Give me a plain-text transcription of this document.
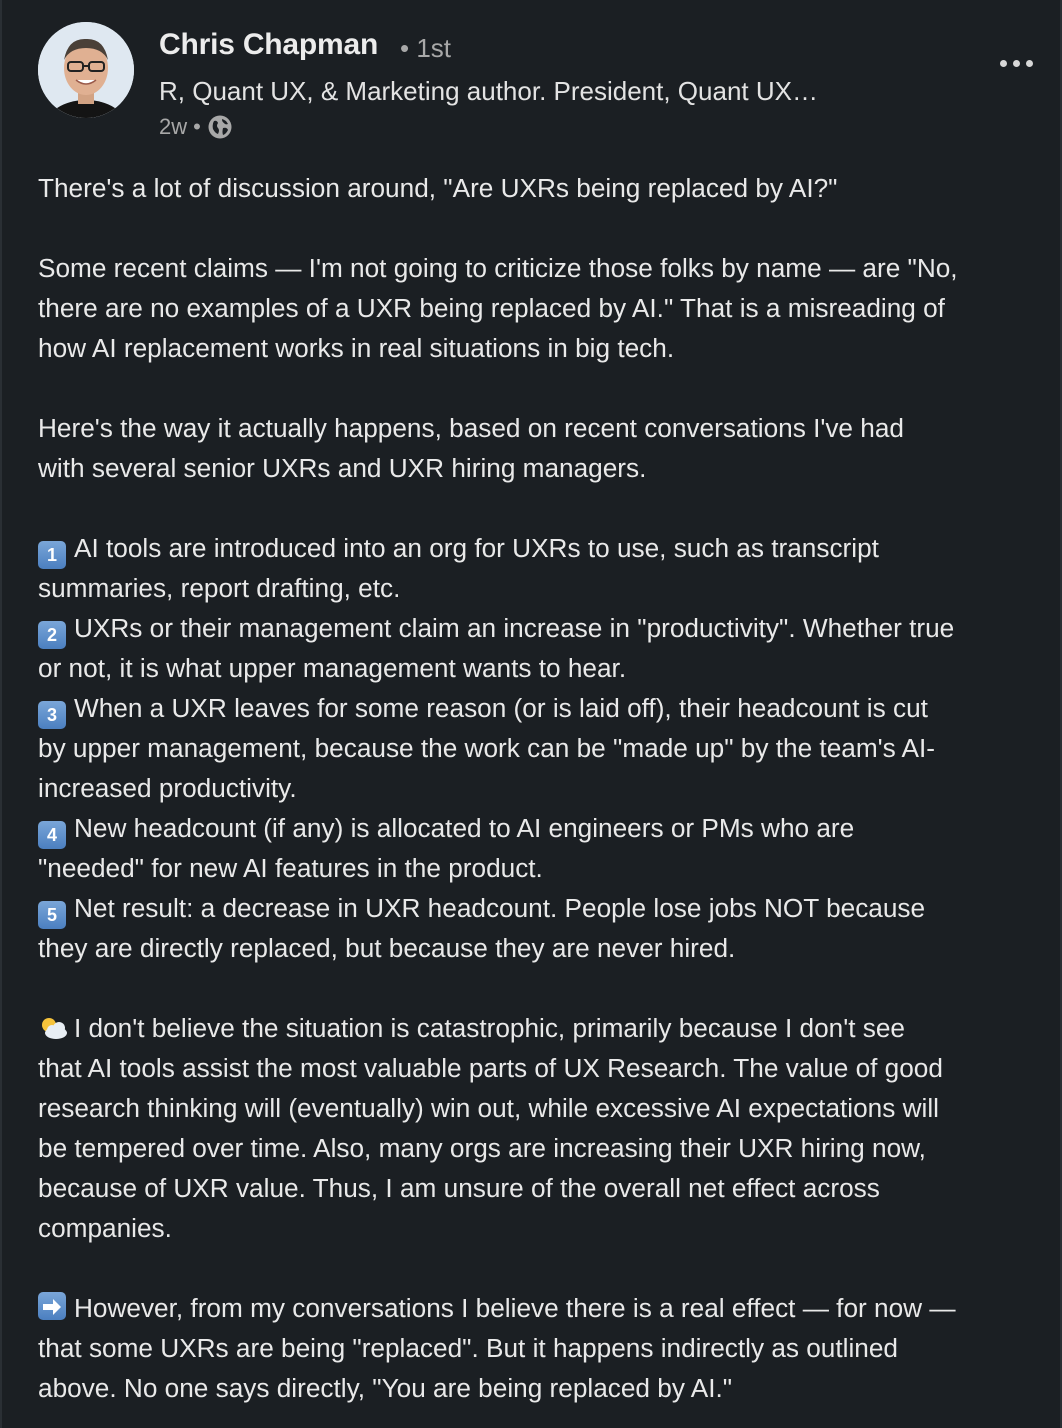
Chris Chapman • 1st
R, Quant UX, & Marketing author. President, Quant UX…
2w •
There's a lot of discussion around, "Are UXRs being replaced by AI?"
Some recent claims — I'm not going to criticize those folks by name — are "No,
there are no examples of a UXR being replaced by AI." That is a misreading of
how AI replacement works in real situations in big tech.
Here's the way it actually happens, based on recent conversations I've had
with several senior UXRs and UXR hiring managers.
1 AI tools are introduced into an org for UXRs to use, such as transcript
summaries, report drafting, etc.
2 UXRs or their management claim an increase in "productivity". Whether true
or not, it is what upper management wants to hear.
3 When a UXR leaves for some reason (or is laid off), their headcount is cut
by upper management, because the work can be "made up" by the team's AI-
increased productivity.
4 New headcount (if any) is allocated to AI engineers or PMs who are
"needed" for new AI features in the product.
5 Net result: a decrease in UXR headcount. People lose jobs NOT because
they are directly replaced, but because they are never hired.
I don't believe the situation is catastrophic, primarily because I don't see
that AI tools assist the most valuable parts of UX Research. The value of good
research thinking will (eventually) win out, while excessive AI expectations will
be tempered over time. Also, many orgs are increasing their UXR hiring now,
because of UXR value. Thus, I am unsure of the overall net effect across
companies.
However, from my conversations I believe there is a real effect — for now —
that some UXRs are being "replaced". But it happens indirectly as outlined
above. No one says directly, "You are being replaced by AI."
